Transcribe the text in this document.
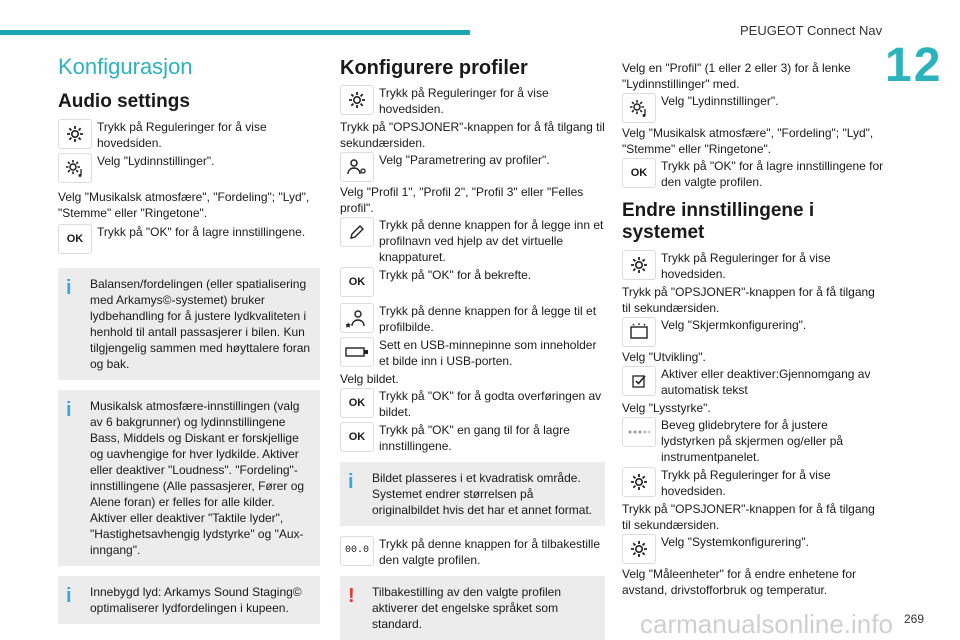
PEUGEOT Connect Nav
12
Konfigurasjon
Audio settings
Trykk på Reguleringer for å vise hovedsiden.
Velg "Lydinnstillinger".
Velg "Musikalsk atmosfære", "Fordeling"; "Lyd", "Stemme" eller "Ringetone".
OK	Trykk på "OK" for å lagre innstillingene.
i	Balansen/fordelingen (eller spatialisering med Arkamys©-systemet) bruker lydbehandling for å justere lydkvaliteten i henhold til antall passasjerer i bilen. Kun tilgjengelig sammen med høyttalere foran og bak.
i	Musikalsk atmosfære-innstillingen (valg av 6 bakgrunner) og lydinnstillingene Bass, Middels og Diskant er forskjellige og uavhengige for hver lydkilde. Aktiver eller deaktiver "Loudness". "Fordeling"-innstillingene (Alle passasjerer, Fører og Alene foran) er felles for alle kilder. Aktiver eller deaktiver "Taktile lyder", "Hastighetsavhengig lydstyrke" og "Aux-inngang".
i	Innebygd lyd: Arkamys Sound Staging© optimaliserer lydfordelingen i kupeen.
Konfigurere profiler
Trykk på Reguleringer for å vise hovedsiden.
Trykk på "OPSJONER"-knappen for å få tilgang til sekundærsiden.
Velg "Parametrering av profiler".
Velg "Profil 1", "Profil 2", "Profil 3" eller "Felles profil".
Trykk på denne knappen for å legge inn et profilnavn ved hjelp av det virtuelle knappaturet.
OK	Trykk på "OK" for å bekrefte.
Trykk på denne knappen for å legge til et profilbilde.
Sett en USB-minnepinne som inneholder et bilde inn i USB-porten.
Velg bildet.
OK	Trykk på "OK" for å godta overføringen av bildet.
OK	Trykk på "OK" en gang til for å lagre innstillingene.
i	Bildet plasseres i et kvadratisk område. Systemet endrer størrelsen på originalbildet hvis det har et annet format.
00.0 Trykk på denne knappen for å tilbakestille den valgte profilen.
!	Tilbakestilling av den valgte profilen aktiverer det engelske språket som standard.
Velg en "Profil" (1 eller 2 eller 3) for å lenke "Lydinnstillinger" med.
Velg "Lydinnstillinger".
Velg "Musikalsk atmosfære", "Fordeling"; "Lyd", "Stemme" eller "Ringetone".
OK	Trykk på "OK" for å lagre innstillingene for den valgte profilen.
Endre innstillingene i systemet
Trykk på Reguleringer for å vise hovedsiden.
Trykk på "OPSJONER"-knappen for å få tilgang til sekundærsiden.
Velg "Skjermkonfigurering".
Velg "Utvikling".
Aktiver eller deaktiver:Gjennomgang av automatisk tekst
Velg "Lysstyrke".
Beveg glidebrytere for å justere lydstyrken på skjermen og/eller på instrumentpanelet.
Trykk på Reguleringer for å vise hovedsiden.
Trykk på "OPSJONER"-knappen for å få tilgang til sekundærsiden.
Velg "Systemkonfigurering".
Velg "Måleenheter" for å endre enhetene for avstand, drivstofforbruk og temperatur.
269
carmanualsonline.info
